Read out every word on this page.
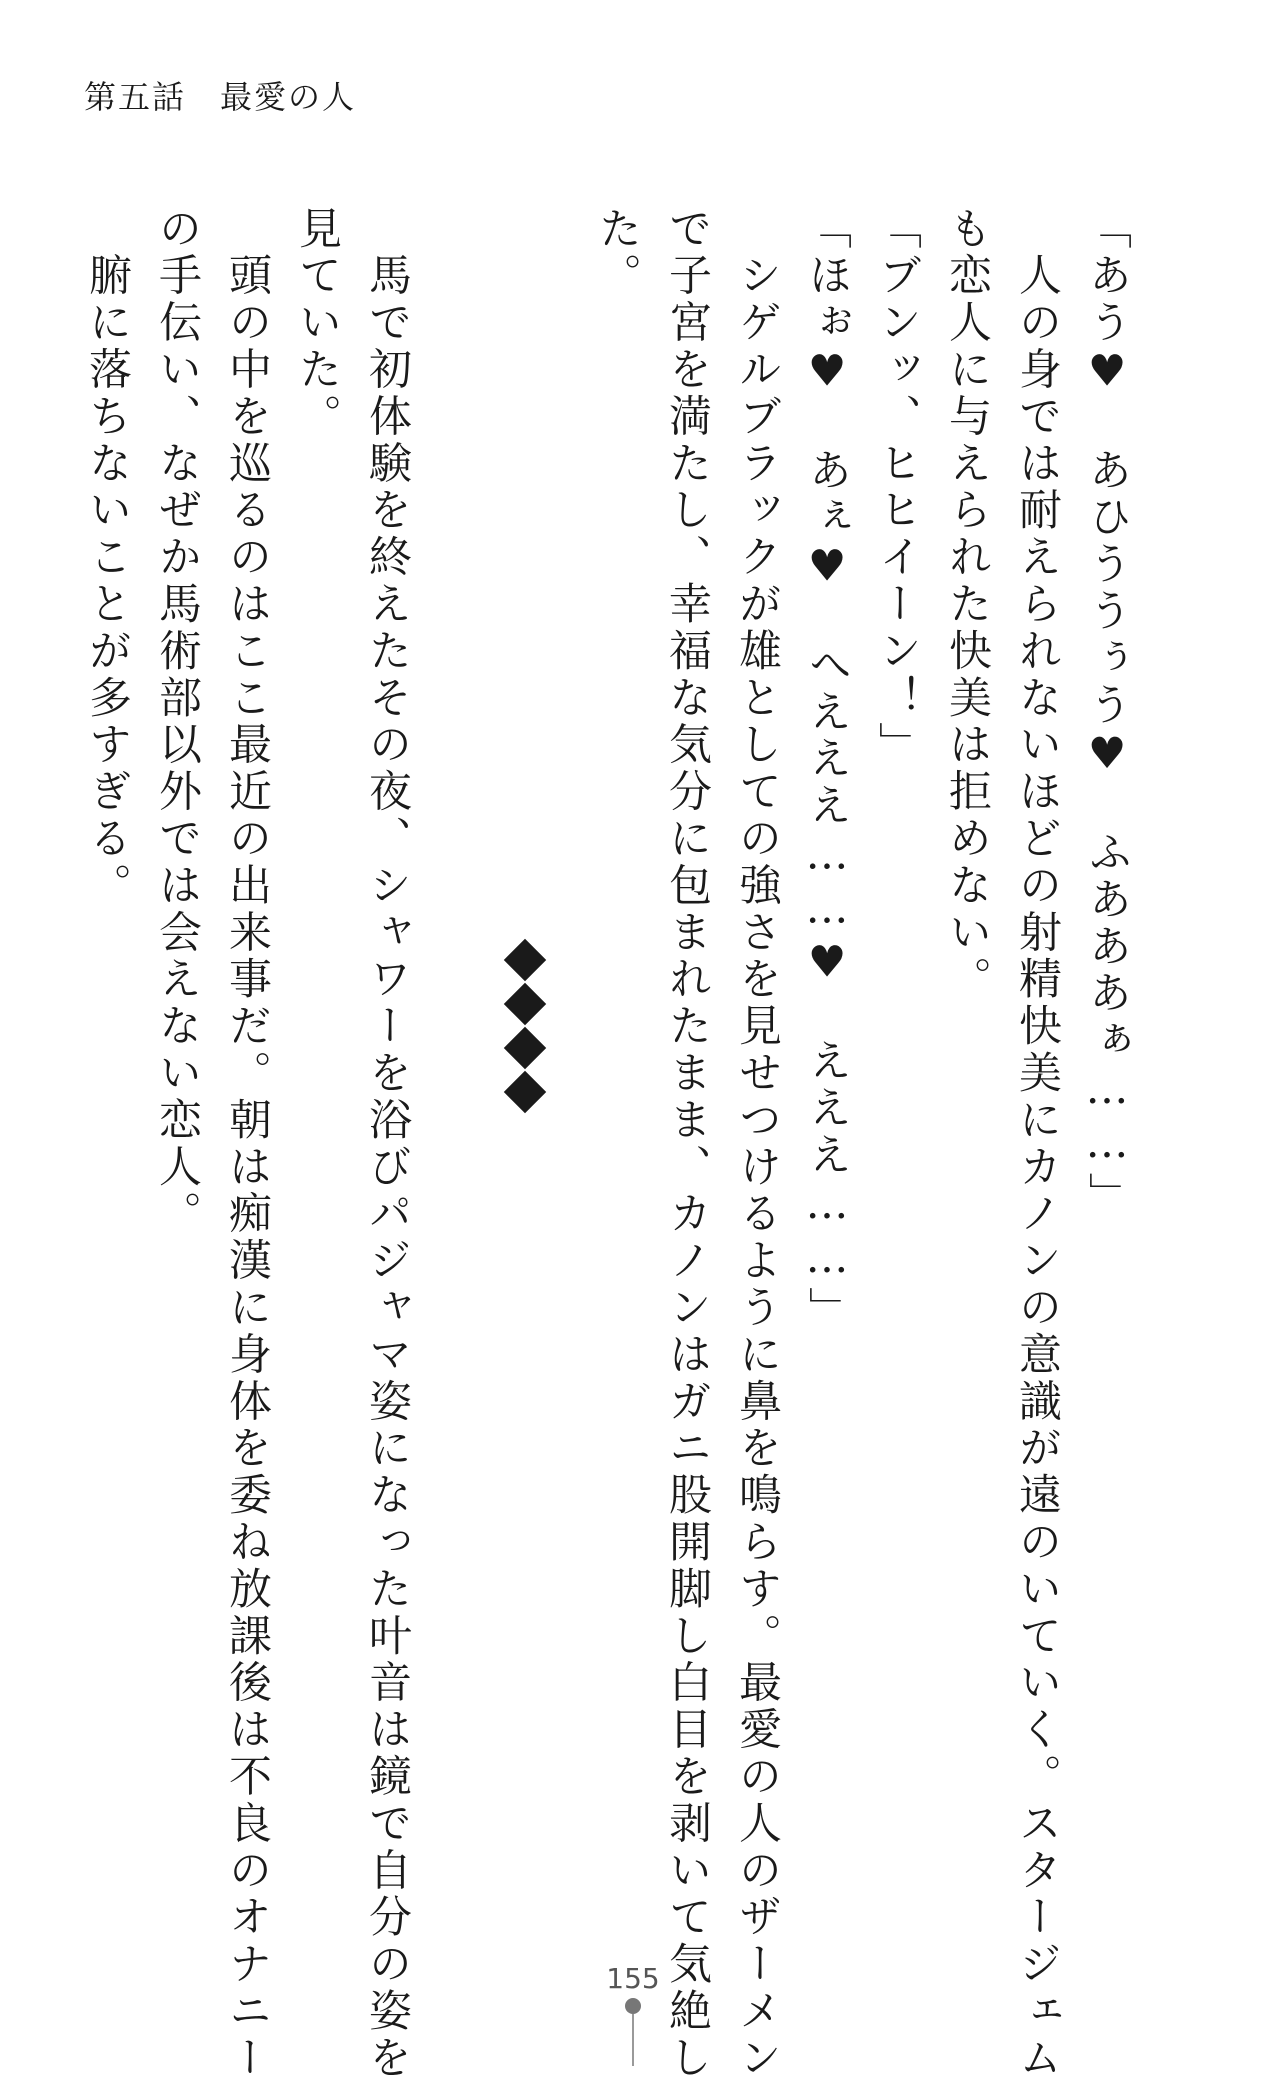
第五話　最愛の人
「あう♥　あひううぅう♥　ふあああぁ……」
　人の身では耐えられないほどの射精快美にカノンの意識が遠のいていく。スタージェム
も恋人に与えられた快美は拒めない。
「ブンッ、ヒヒイーン！」
「ほぉ♥　あぇ♥　へえええ……♥　えええ……」
　シゲルブラックが雄としての強さを見せつけるように鼻を鳴らす。最愛の人のザーメン
で子宮を満たし、幸福な気分に包まれたまま、カノンはガニ股開脚し白目を剥いて気絶し
た。
　馬で初体験を終えたその夜、シャワーを浴びパジャマ姿になった叶音は鏡で自分の姿を
見ていた。
　頭の中を巡るのはここ最近の出来事だ。朝は痴漢に身体を委ね放課後は不良のオナニー
の手伝い、なぜか馬術部以外では会えない恋人。
　腑に落ちないことが多すぎる。
155
